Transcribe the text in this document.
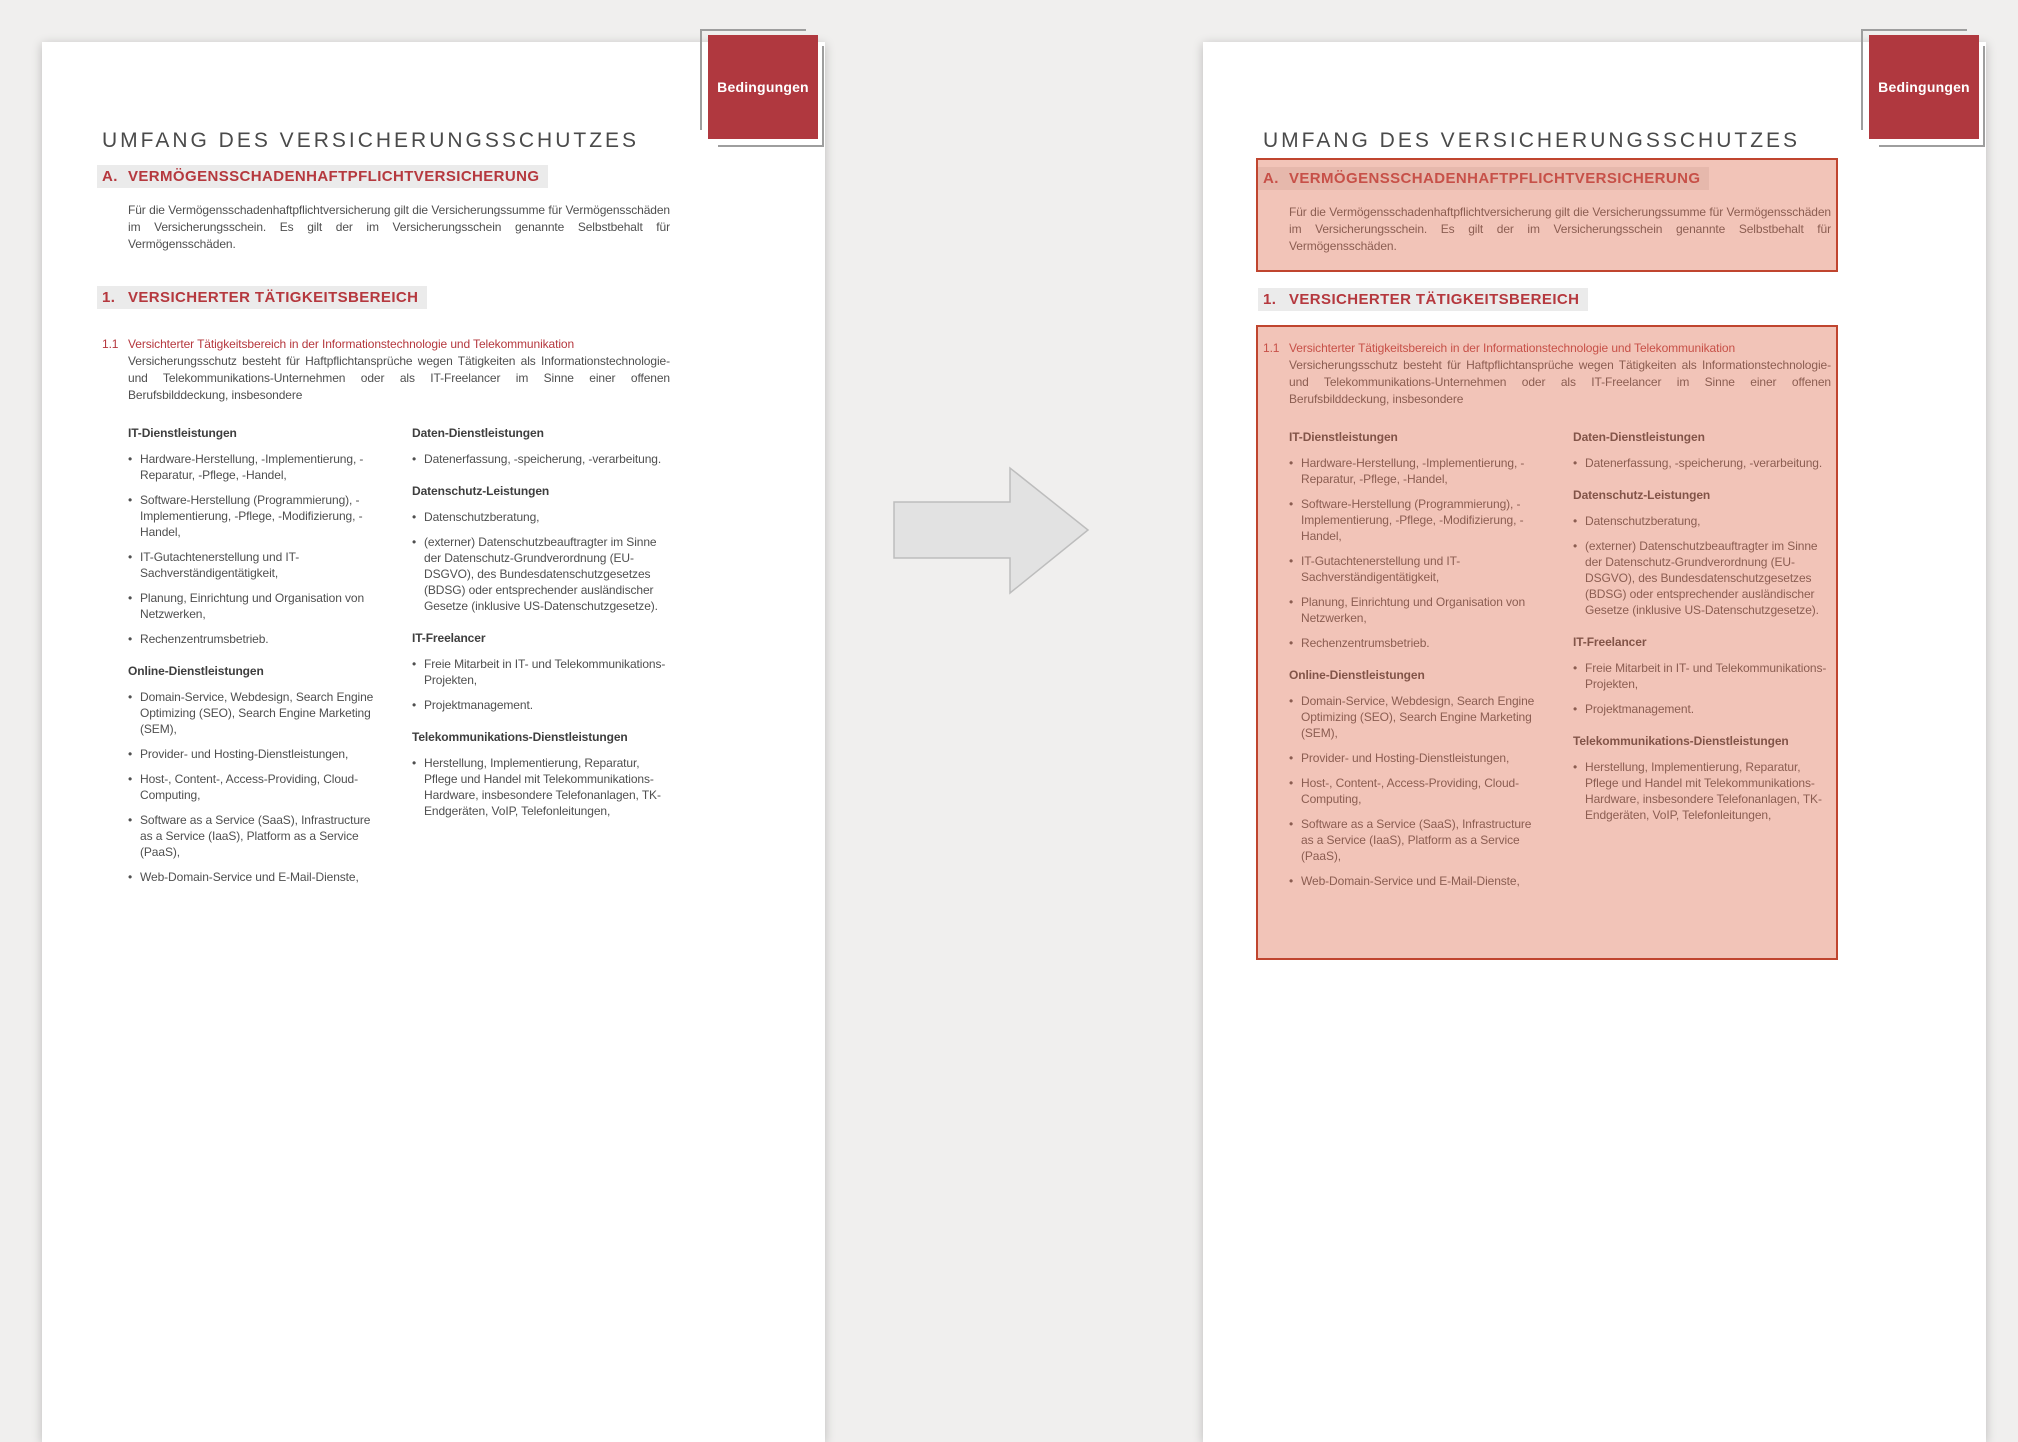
Bedingungen
UMFANG DES VERSICHERUNGSSCHUTZES
A. VERMÖGENSSCHADENHAFTPFLICHTVERSICHERUNG

Für die Vermögensschadenhaftpflichtversicherung gilt die Versicherungssumme für Vermögensschäden im Versicherungsschein. Es gilt der im Versicherungsschein genannte Selbstbehalt für Vermögensschäden.

1. VERSICHERTER TÄTIGKEITSBEREICH
1.1 Versichterter Tätigkeitsbereich in der Informationstechnologie und Telekommunikation
Versicherungsschutz besteht für Haftpflichtansprüche wegen Tätigkeiten als Informationstechnologie- und Telekommunikations-Unternehmen oder als IT-Freelancer im Sinne einer offenen Berufsbilddeckung, insbesondere
IT-Dienstleistungen
• Hardware-Herstellung, -Implementierung, -Reparatur, -Pflege, -Handel,
• Software-Herstellung (Programmierung), -Implementierung, -Pflege, -Modifizierung, -Handel,
• IT-Gutachtenerstellung und IT-Sachverständigentätigkeit,
• Planung, Einrichtung und Organisation von Netzwerken,
• Rechenzentrumsbetrieb.
Online-Dienstleistungen
• Domain-Service, Webdesign, Search Engine Optimizing (SEO), Search Engine Marketing (SEM),
• Provider- und Hosting-Dienstleistungen,
• Host-, Content-, Access-Providing, Cloud-Computing,
• Software as a Service (SaaS), Infrastructure as a Service (IaaS), Platform as a Service (PaaS),
• Web-Domain-Service und E-Mail-Dienste,
Daten-Dienstleistungen
• Datenerfassung, -speicherung, -verarbeitung.
Datenschutz-Leistungen
• Datenschutzberatung,
• (externer) Datenschutzbeauftragter im Sinne der Datenschutz-Grundverordnung (EU-DSGVO), des Bundesdatenschutzgesetzes (BDSG) oder entsprechender ausländischer Gesetze (inklusive US-Datenschutzgesetze).
IT-Freelancer
• Freie Mitarbeit in IT- und Telekommunikations-Projekten,
• Projektmanagement.
Telekommunikations-Dienstleistungen
• Herstellung, Implementierung, Reparatur, Pflege und Handel mit Telekommunikations-Hardware, insbesondere Telefonanlagen, TK-Endgeräten, VoIP, Telefonleitungen,
Bedingungen
UMFANG DES VERSICHERUNGSSCHUTZES
A. VERMÖGENSSCHADENHAFTPFLICHTVERSICHERUNG

Für die Vermögensschadenhaftpflichtversicherung gilt die Versicherungssumme für Vermögensschäden im Versicherungsschein. Es gilt der im Versicherungsschein genannte Selbstbehalt für Vermögensschäden.

1. VERSICHERTER TÄTIGKEITSBEREICH
1.1 Versichterter Tätigkeitsbereich in der Informationstechnologie und Telekommunikation
Versicherungsschutz besteht für Haftpflichtansprüche wegen Tätigkeiten als Informationstechnologie- und Telekommunikations-Unternehmen oder als IT-Freelancer im Sinne einer offenen Berufsbilddeckung, insbesondere
IT-Dienstleistungen
• Hardware-Herstellung, -Implementierung, -Reparatur, -Pflege, -Handel,
• Software-Herstellung (Programmierung), -Implementierung, -Pflege, -Modifizierung, -Handel,
• IT-Gutachtenerstellung und IT-Sachverständigentätigkeit,
• Planung, Einrichtung und Organisation von Netzwerken,
• Rechenzentrumsbetrieb.
Online-Dienstleistungen
• Domain-Service, Webdesign, Search Engine Optimizing (SEO), Search Engine Marketing (SEM),
• Provider- und Hosting-Dienstleistungen,
• Host-, Content-, Access-Providing, Cloud-Computing,
• Software as a Service (SaaS), Infrastructure as a Service (IaaS), Platform as a Service (PaaS),
• Web-Domain-Service und E-Mail-Dienste,
Daten-Dienstleistungen
• Datenerfassung, -speicherung, -verarbeitung.
Datenschutz-Leistungen
• Datenschutzberatung,
• (externer) Datenschutzbeauftragter im Sinne der Datenschutz-Grundverordnung (EU-DSGVO), des Bundesdatenschutzgesetzes (BDSG) oder entsprechender ausländischer Gesetze (inklusive US-Datenschutzgesetze).
IT-Freelancer
• Freie Mitarbeit in IT- und Telekommunikations-Projekten,
• Projektmanagement.
Telekommunikations-Dienstleistungen
• Herstellung, Implementierung, Reparatur, Pflege und Handel mit Telekommunikations-Hardware, insbesondere Telefonanlagen, TK-Endgeräten, VoIP, Telefonleitungen,
